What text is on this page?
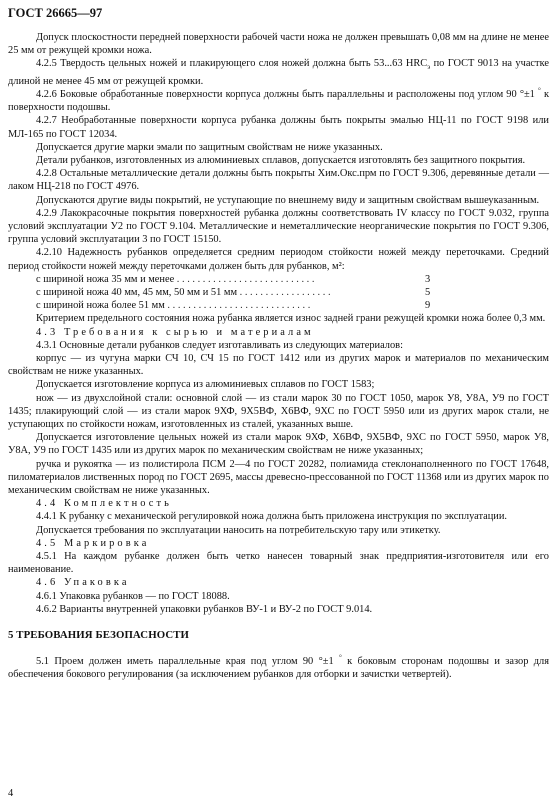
ГОСТ 26665—97

Допуск плоскостности передней поверхности рабочей части ножа не должен превышать 0,08 мм на длине не менее 25 мм от режущей кромки ножа.

4.2.5 Твердость цельных ножей и плакирующего слоя ножей должна быть 53...63 $HRC_э$ по ГОСТ 9013 на участке длиной не менее 45 мм от режущей кромки.

4.2.6 Боковые обработанные поверхности корпуса должны быть параллельны и расположены под углом 90 °±1 ° к поверхности подошвы.

4.2.7 Необработанные поверхности корпуса рубанка должны быть покрыты эмалью НЦ-11 по ГОСТ 9198 или МЛ-165 по ГОСТ 12034.

Допускается другие марки эмали по защитным свойствам не ниже указанных.

Детали рубанков, изготовленных из алюминиевых сплавов, допускается изготовлять без защитного покрытия.

4.2.8 Остальные металлические детали должны быть покрыты Хим.Окс.прм по ГОСТ 9.306, деревянные детали — лаком НЦ-218 по ГОСТ 4976.

Допускаются другие виды покрытий, не уступающие по внешнему виду и защитным свойствам вышеуказанным.

4.2.9 Лакокрасочные покрытия поверхностей рубанка должны соответствовать IV классу по ГОСТ 9.032, группа условий эксплуатации У2 по ГОСТ 9.104. Металлические и неметаллические неорганические покрытия по ГОСТ 9.306, группа условий эксплуатации 3 по ГОСТ 15150.

4.2.10 Надежность рубанков определяется средним периодом стойкости ножей между переточками. Средний период стойкости ножей между переточками должен быть для рубанков, м²:

с шириной ножа 35 мм и менее . . . . . . . . . . . . . . . . . . . . . . . . . . .	3
с шириной ножа 40 мм, 45 мм, 50 мм и 51 мм . . . . . . . . . . . . . . . . . .	5
с шириной ножа более 51 мм . . . . . . . . . . . . . . . . . . . . . . . . . . . .	9

Критерием предельного состояния ножа рубанка является износ задней грани режущей кромки ножа более 0,3 мм.

4.3 Требования к сырью и материалам

4.3.1 Основные детали рубанков следует изготавливать из следующих материалов:

корпус — из чугуна марки СЧ 10, СЧ 15 по ГОСТ 1412 или из других марок и материалов по механическим свойствам не ниже указанных.

Допускается изготовление корпуса из алюминиевых сплавов по ГОСТ 1583;

нож — из двухслойной стали: основной слой — из стали марок 30 по ГОСТ 1050, марок У8, У8А, У9 по ГОСТ 1435; плакирующий слой — из стали марок 9ХФ, 9Х5ВФ, Х6ВФ, 9ХС по ГОСТ 5950 или из других марок стали, не уступающих по стойкости ножам, изготовленных из сталей, указанных выше.

Допускается изготовление цельных ножей из стали марок 9ХФ, Х6ВФ, 9Х5ВФ, 9ХС по ГОСТ 5950, марок У8, У8А, У9 по ГОСТ 1435 или из других марок по механическим свойствам не ниже указанных;

ручка и рукоятка — из полистирола ПСМ 2—4 по ГОСТ 20282, полиамида стеклонаполненного по ГОСТ 17648, пиломатериалов лиственных пород по ГОСТ 2695, массы древесно-прессованной по ГОСТ 11368 или из других марок по механическим свойствам не ниже указанных.

4.4 Комплектность

4.4.1 К рубанку с механической регулировкой ножа должна быть приложена инструкция по эксплуатации.

Допускается требования по эксплуатации наносить на потребительскую тару или этикетку.

4.5 Маркировка

4.5.1 На каждом рубанке должен быть четко нанесен товарный знак предприятия-изготовителя или его наименование.

4.6 Упаковка

4.6.1 Упаковка рубанков — по ГОСТ 18088.

4.6.2 Варианты внутренней упаковки рубанков ВУ-1 и ВУ-2 по ГОСТ 9.014.

5 ТРЕБОВАНИЯ БЕЗОПАСНОСТИ

5.1 Проем должен иметь параллельные края под углом 90 °±1 ° к боковым сторонам подошвы и зазор для обеспечения бокового регулирования (за исключением рубанков для отборки и зачистки четвертей).

4
